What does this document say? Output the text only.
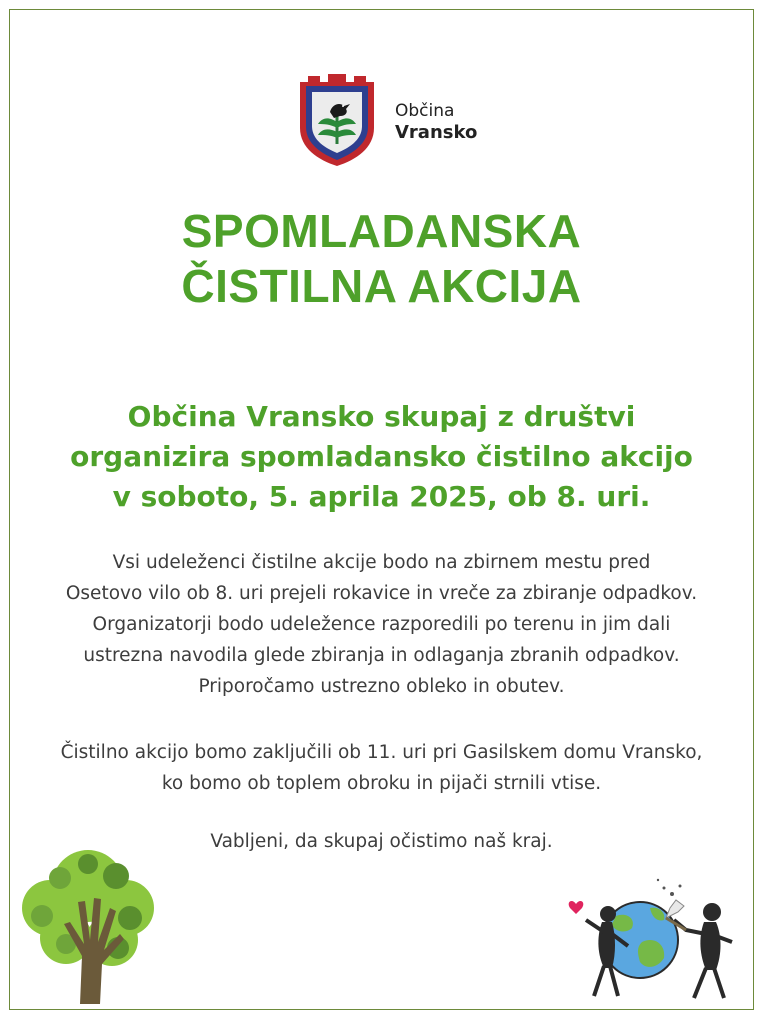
Občina
Vransko
SPOMLADANSKA
ČISTILNA AKCIJA
Občina Vransko skupaj z društvi
organizira spomladansko čistilno akcijo
v soboto, 5. aprila 2025, ob 8. uri.
Vsi udeleženci čistilne akcije bodo na zbirnem mestu pred
Osetovo vilo ob 8. uri prejeli rokavice in vreče za zbiranje odpadkov.
Organizatorji bodo udeležence razporedili po terenu in jim dali
ustrezna navodila glede zbiranja in odlaganja zbranih odpadkov.
Priporočamo ustrezno obleko in obutev.
Čistilno akcijo bomo zaključili ob 11. uri pri Gasilskem domu Vransko,
ko bomo ob toplem obroku in pijači strnili vtise.
Vabljeni, da skupaj očistimo naš kraj.
